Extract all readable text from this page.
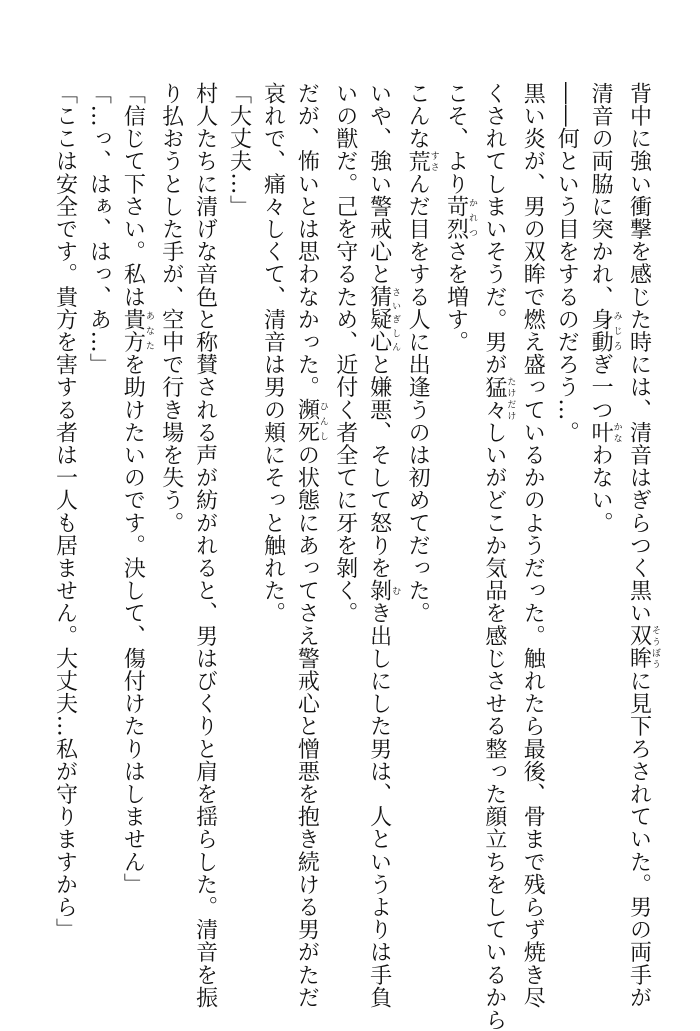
背中に強い衝撃を感じた時には、清音はぎらつく黒い双眸そうぼうに見下ろされていた。男の両手が
清音の両脇に突かれ、身動みじろぎ一つ叶かなわない。
――何という目をするのだろう…。
黒い炎が、男の双眸で燃え盛っているかのようだった。触れたら最後、骨まで残らず焼き尽
くされてしまいそうだ。男が猛々たけだけしいがどこか気品を感じさせる整った顔立ちをしているから
こそ、より苛烈かれつさを増す。
こんな荒すさんだ目をする人に出逢うのは初めてだった。
いや、強い警戒心と猜疑心さいぎしんと嫌悪、そして怒りを剝むき出しにした男は、人というよりは手負
いの獣だ。己を守るため、近付く者全てに牙を剝く。
だが、怖いとは思わなかった。瀕死ひんしの状態にあってさえ警戒心と憎悪を抱き続ける男がただ
哀れで、痛々しくて、清音は男の頬にそっと触れた。
「大丈夫…」
村人たちに清げな音色と称賛される声が紡がれると、男はびくりと肩を揺らした。清音を振
り払おうとした手が、空中で行き場を失う。
「信じて下さい。私は貴方あなたを助けたいのです。決して、傷付けたりはしません」
「…っ、はぁ、はっ、あ…」
「ここは安全です。貴方を害する者は一人も居ません。大丈夫…私が守りますから」
